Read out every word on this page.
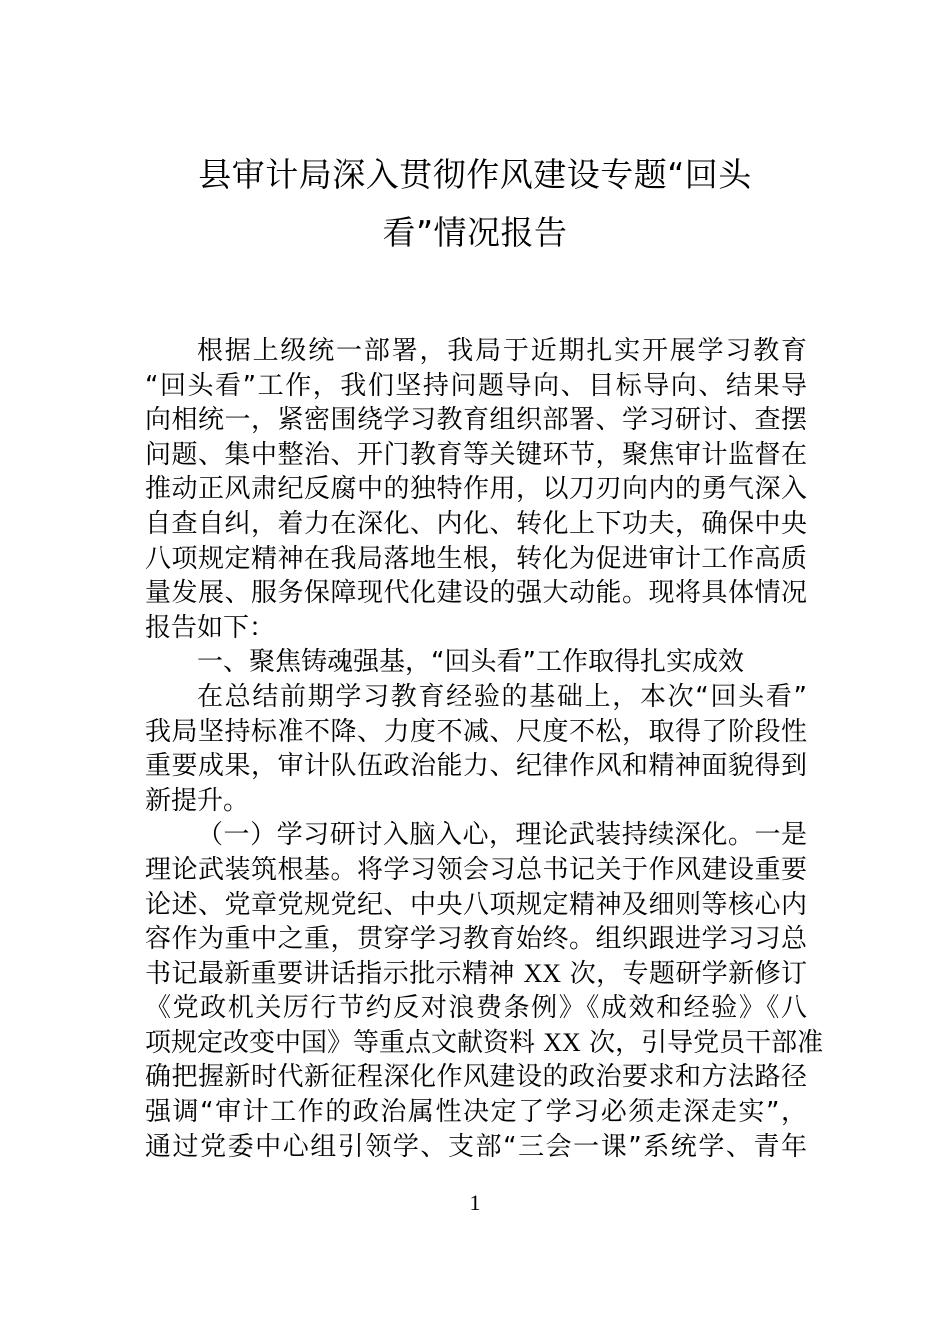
县审计局深入贯彻作风建设专题“回头
看”情况报告
根据上级统一部署，我局于近期扎实开展学习教育
“回头看”工作，我们坚持问题导向、目标导向、结果导
向相统一，紧密围绕学习教育组织部署、学习研讨、查摆
问题、集中整治、开门教育等关键环节，聚焦审计监督在
推动正风肃纪反腐中的独特作用，以刀刃向内的勇气深入
自查自纠，着力在深化、内化、转化上下功夫，确保中央
八项规定精神在我局落地生根，转化为促进审计工作高质
量发展、服务保障现代化建设的强大动能。现将具体情况
报告如下：
一、聚焦铸魂强基，“回头看”工作取得扎实成效
在总结前期学习教育经验的基础上，本次“回头看”
我局坚持标准不降、力度不减、尺度不松，取得了阶段性
重要成果，审计队伍政治能力、纪律作风和精神面貌得到
新提升。
（一）学习研讨入脑入心，理论武装持续深化。一是
理论武装筑根基。将学习领会习总书记关于作风建设重要
论述、党章党规党纪、中央八项规定精神及细则等核心内
容作为重中之重，贯穿学习教育始终。组织跟进学习习总
书记最新重要讲话指示批示精神 XX 次，专题研学新修订
《党政机关厉行节约反对浪费条例》《成效和经验》《八
项规定改变中国》等重点文献资料 XX 次，引导党员干部准
确把握新时代新征程深化作风建设的政治要求和方法路径
强调“审计工作的政治属性决定了学习必须走深走实”，
通过党委中心组引领学、支部“三会一课”系统学、青年
1
